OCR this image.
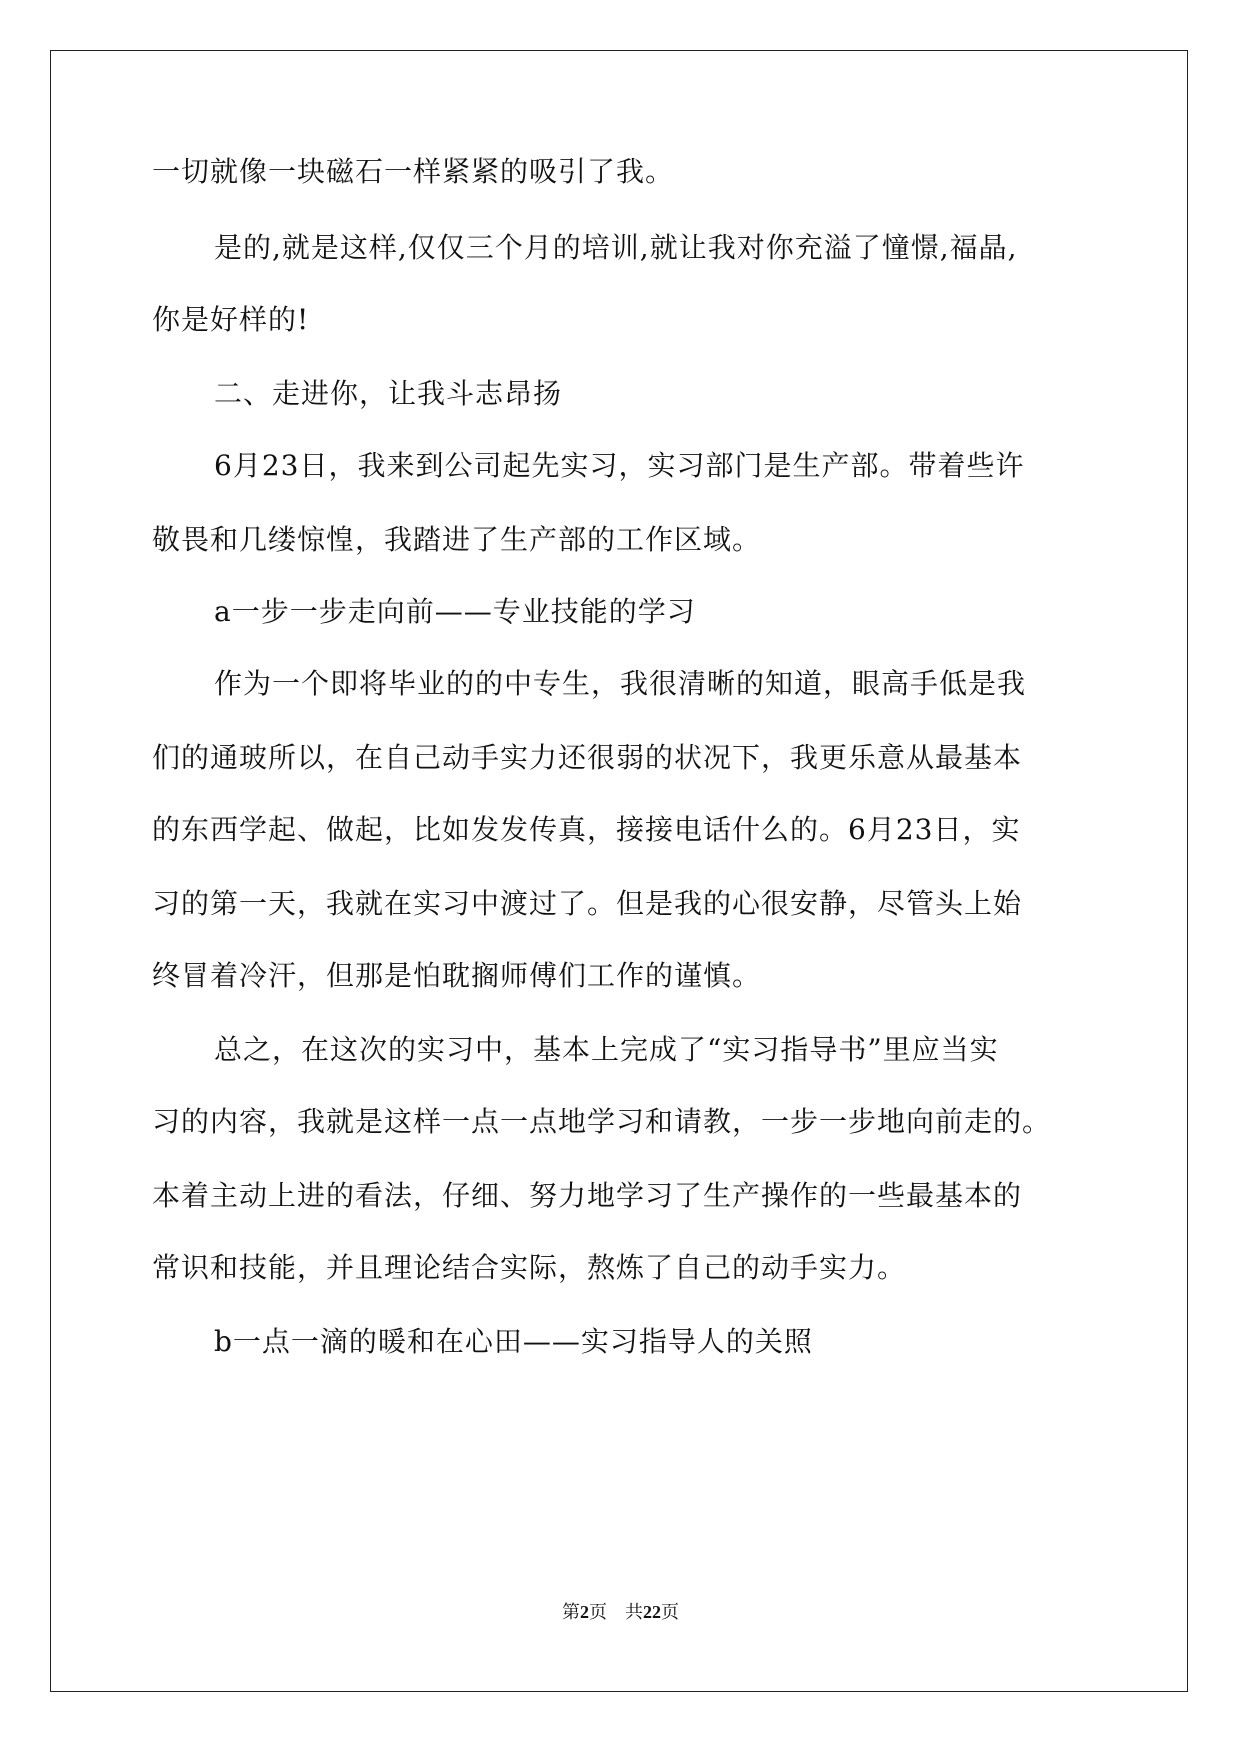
一切就像一块磁石一样紧紧的吸引了我。
是的,就是这样,仅仅三个月的培训,就让我对你充溢了憧憬,福晶,
你是好样的!
二、走进你，让我斗志昂扬
6月23日，我来到公司起先实习，实习部门是生产部。带着些许
敬畏和几缕惊惶，我踏进了生产部的工作区域。
a一步一步走向前——专业技能的学习
作为一个即将毕业的的中专生，我很清晰的知道，眼高手低是我
们的通玻所以，在自己动手实力还很弱的状况下，我更乐意从最基本
的东西学起、做起，比如发发传真，接接电话什么的。6月23日，实
习的第一天，我就在实习中渡过了。但是我的心很安静，尽管头上始
终冒着冷汗，但那是怕耽搁师傅们工作的谨慎。
总之，在这次的实习中，基本上完成了“实习指导书”里应当实
习的内容，我就是这样一点一点地学习和请教，一步一步地向前走的。
本着主动上进的看法，仔细、努力地学习了生产操作的一些最基本的
常识和技能，并且理论结合实际，熬炼了自己的动手实力。
b一点一滴的暖和在心田——实习指导人的关照
第2页 共22页
